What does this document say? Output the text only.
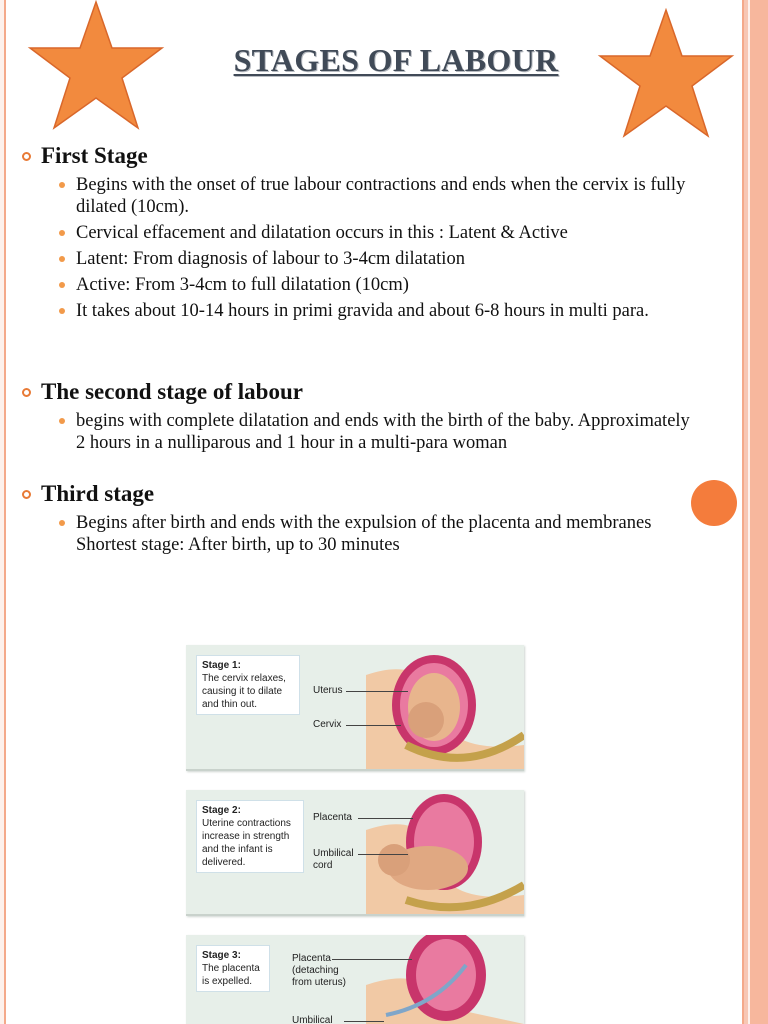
STAGES OF LABOUR
First Stage
Begins with the onset of true labour contractions and ends when the cervix is fully dilated (10cm).
Cervical effacement and dilatation occurs in this : Latent & Active
Latent: From diagnosis of labour to 3-4cm dilatation
Active: From 3-4cm to full dilatation (10cm)
It takes about 10-14 hours in primi gravida and about 6-8 hours in multi para.
The second stage of labour
begins with complete dilatation and ends with the birth of the baby. Approximately 2 hours in a nulliparous and 1 hour in a multi-para woman
Third stage
Begins after birth and ends with the expulsion of the placenta and membranes Shortest stage: After birth, up to 30 minutes
Stage 1:
The cervix relaxes, causing it to dilate and thin out.
Uterus
Cervix
Stage 2:
Uterine contractions increase in strength and the infant is delivered.
Placenta
Umbilical cord
Stage 3:
The placenta is expelled.
Placenta (detaching from uterus)
Umbilical
